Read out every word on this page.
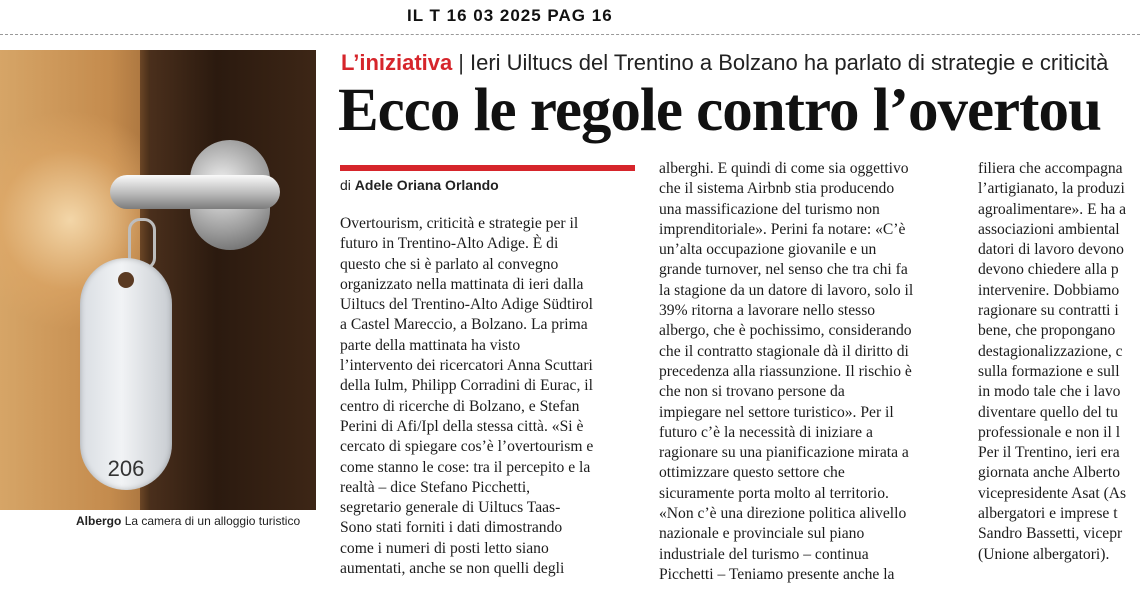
IL T 16 03 2025 PAG 16
206
Albergo La camera di un alloggio turistico
L’iniziativa | Ieri Uiltucs del Trentino a Bolzano ha parlato di strategie e criticità
Ecco le regole contro l’overtou
di Adele Oriana Orlando
Overtourism, criticità e strategie per il
futuro in Trentino-Alto Adige. È di
questo che si è parlato al convegno
organizzato nella mattinata di ieri dalla
Uiltucs del Trentino-Alto Adige Südtirol
a Castel Mareccio, a Bolzano. La prima
parte della mattinata ha visto
l’intervento dei ricercatori Anna Scuttari
della Iulm, Philipp Corradini di Eurac, il
centro di ricerche di Bolzano, e Stefan
Perini di Afi/Ipl della stessa città. «Si è
cercato di spiegare cos’è l’overtourism e
come stanno le cose: tra il percepito e la
realtà – dice Stefano Picchetti,
segretario generale di Uiltucs Taas-
Sono stati forniti i dati dimostrando
come i numeri di posti letto siano
aumentati, anche se non quelli degli
alberghi. E quindi di come sia oggettivo
che il sistema Airbnb stia producendo
una massificazione del turismo non
imprenditoriale». Perini fa notare: «C’è
un’alta occupazione giovanile e un
grande turnover, nel senso che tra chi fa
la stagione da un datore di lavoro, solo il
39% ritorna a lavorare nello stesso
albergo, che è pochissimo, considerando
che il contratto stagionale dà il diritto di
precedenza alla riassunzione. Il rischio è
che non si trovano persone da
impiegare nel settore turistico». Per il
futuro c’è la necessità di iniziare a
ragionare su una pianificazione mirata a
ottimizzare questo settore che
sicuramente porta molto al territorio.
«Non c’è una direzione politica alivello
nazionale e provinciale sul piano
industriale del turismo – continua
Picchetti – Teniamo presente anche la
filiera che accompagna
l’artigianato, la produzi
agroalimentare». E ha a
associazioni ambiental
datori di lavoro devono
devono chiedere alla p
intervenire. Dobbiamo
ragionare su contratti i
bene, che propongano
destagionalizzazione, c
sulla formazione e sull
in modo tale che i lavo
diventare quello del tu
professionale e non il l
Per il Trentino, ieri era
giornata anche Alberto
vicepresidente Asat (As
albergatori e imprese t
Sandro Bassetti, vicepr
(Unione albergatori).
